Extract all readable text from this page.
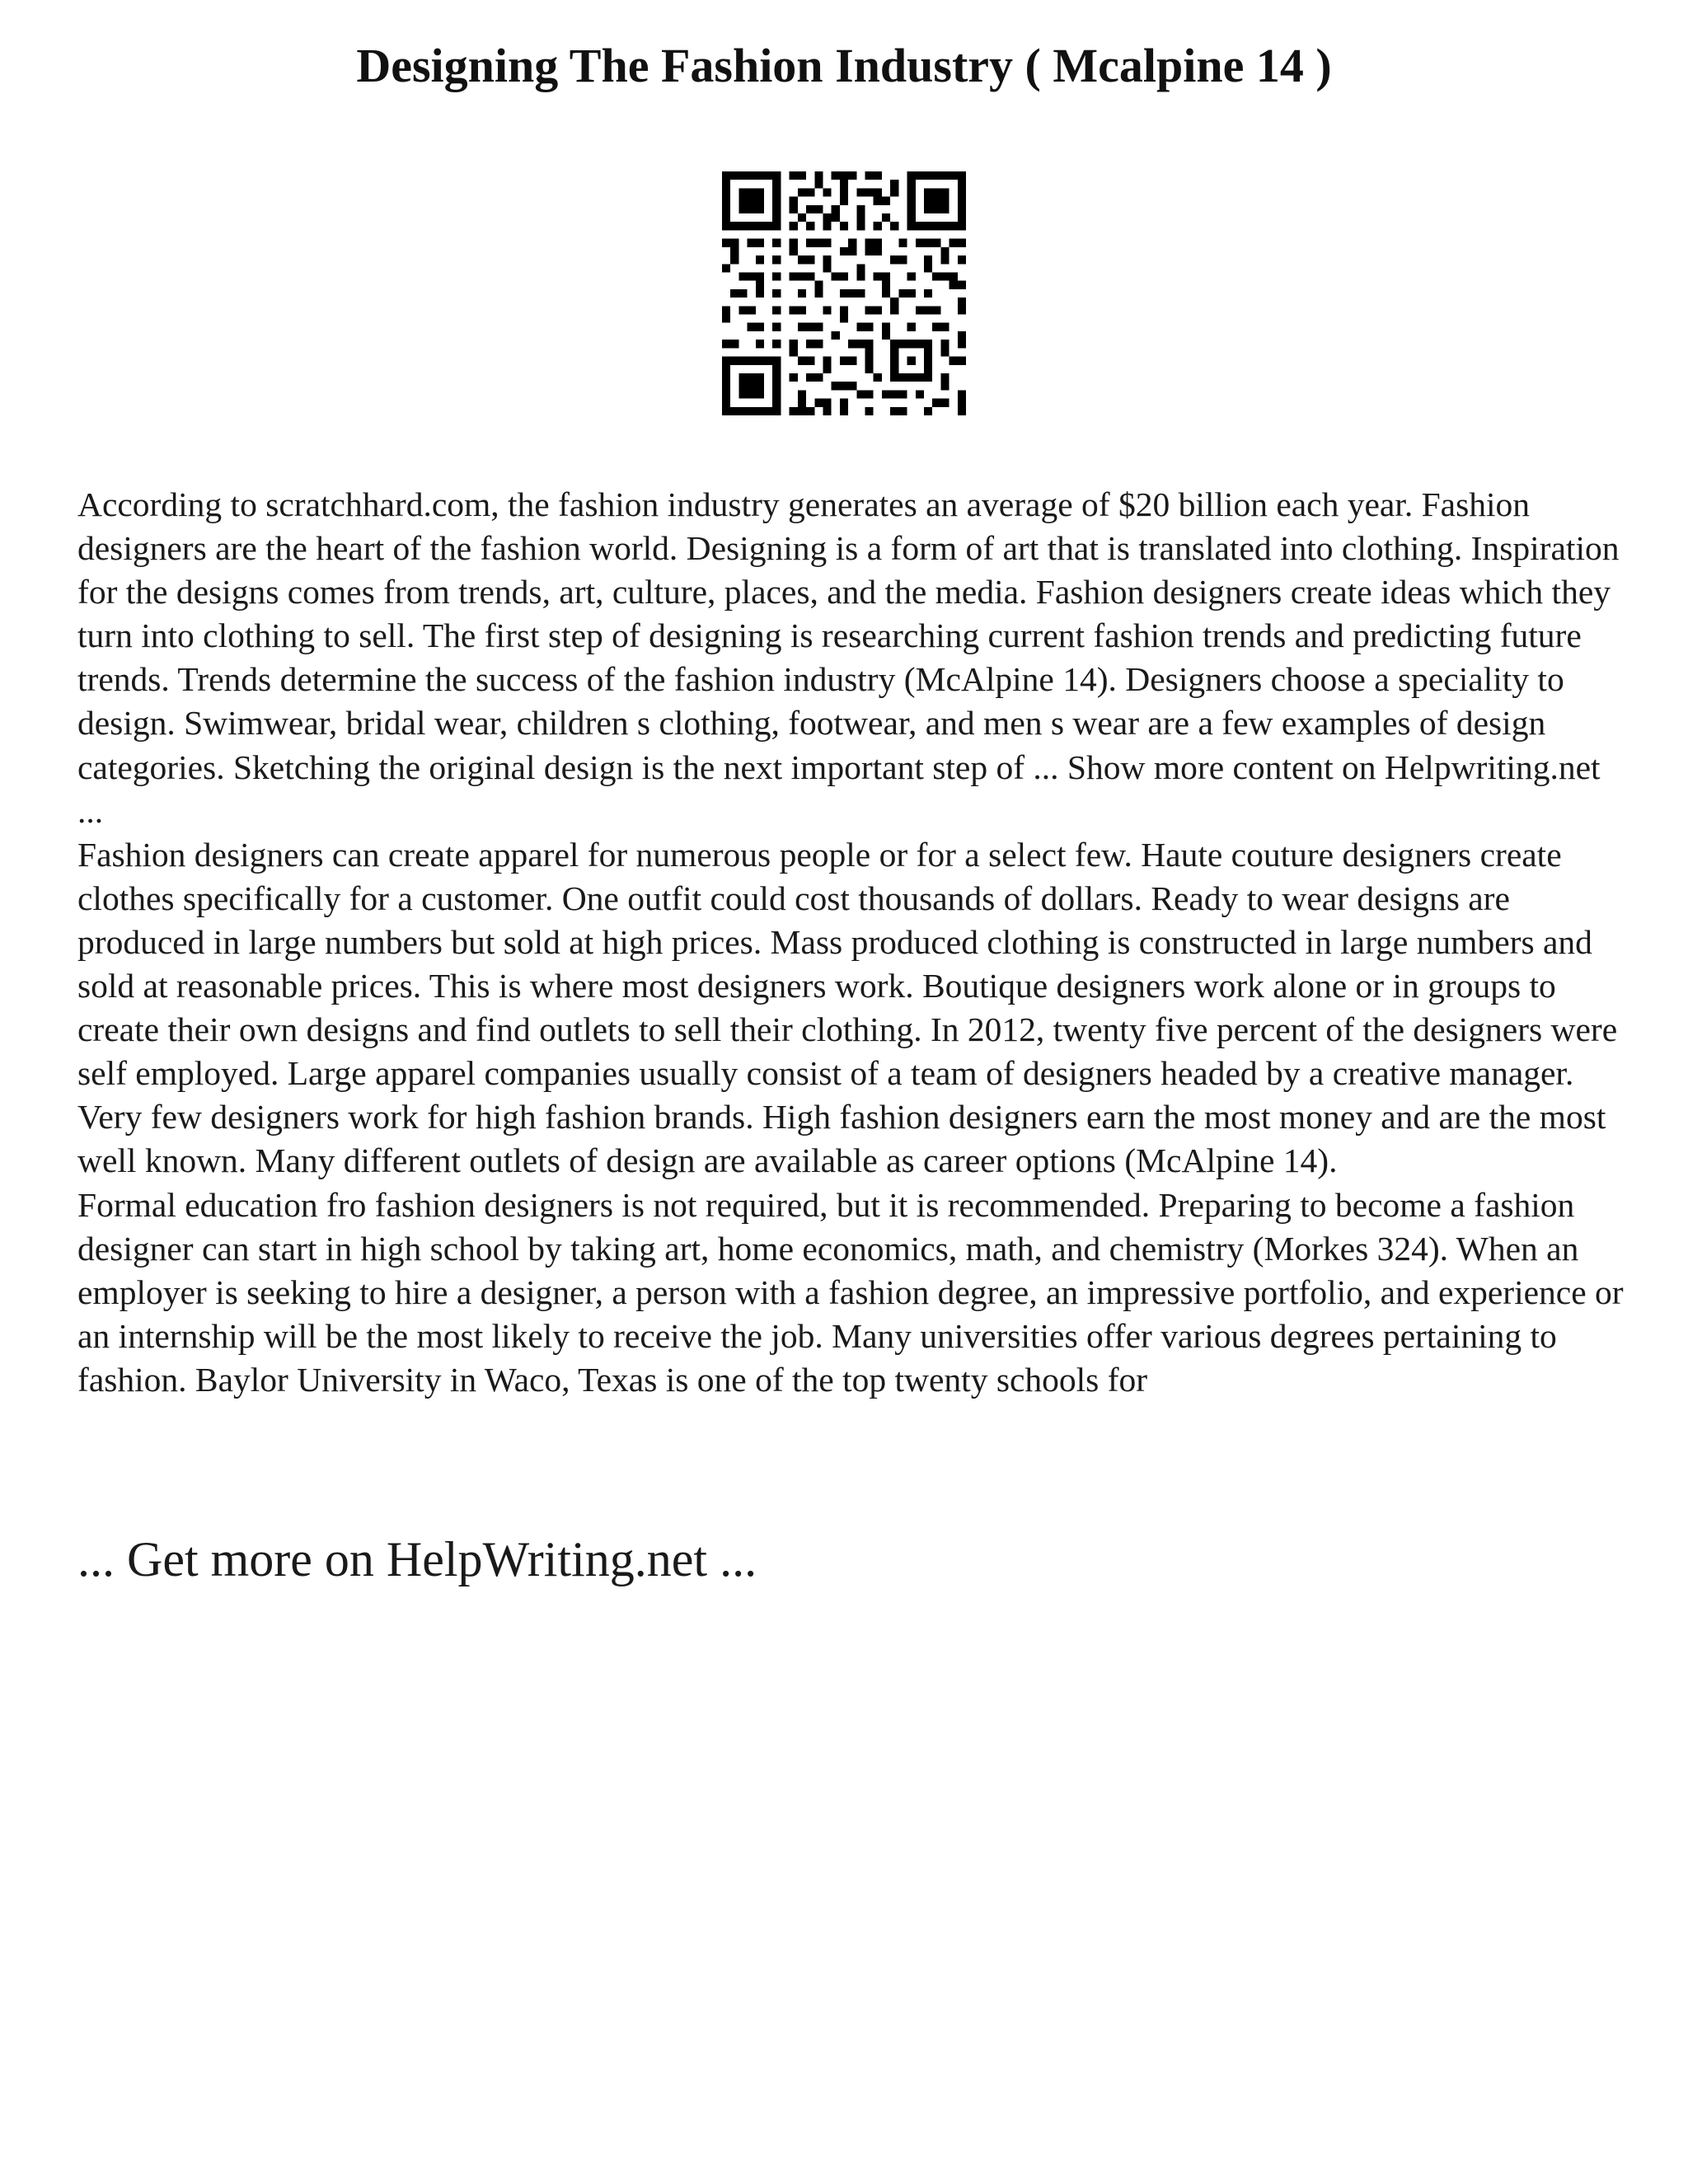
Designing The Fashion Industry ( Mcalpine 14 )

According to scratchhard.com, the fashion industry generates an average of $20 billion each year. Fashion designers are the heart of the fashion world. Designing is a form of art that is translated into clothing. Inspiration for the designs comes from trends, art, culture, places, and the media. Fashion designers create ideas which they turn into clothing to sell. The first step of designing is researching current fashion trends and predicting future trends. Trends determine the success of the fashion industry (McAlpine 14). Designers choose a speciality to design. Swimwear, bridal wear, children s clothing, footwear, and men s wear are a few examples of design categories. Sketching the original design is the next important step of ... Show more content on Helpwriting.net ...

Fashion designers can create apparel for numerous people or for a select few. Haute couture designers create clothes specifically for a customer. One outfit could cost thousands of dollars. Ready to wear designs are produced in large numbers but sold at high prices. Mass produced clothing is constructed in large numbers and sold at reasonable prices. This is where most designers work. Boutique designers work alone or in groups to create their own designs and find outlets to sell their clothing. In 2012, twenty five percent of the designers were self employed. Large apparel companies usually consist of a team of designers headed by a creative manager. Very few designers work for high fashion brands. High fashion designers earn the most money and are the most well known. Many different outlets of design are available as career options (McAlpine 14).

Formal education fro fashion designers is not required, but it is recommended. Preparing to become a fashion designer can start in high school by taking art, home economics, math, and chemistry (Morkes 324). When an employer is seeking to hire a designer, a person with a fashion degree, an impressive portfolio, and experience or an internship will be the most likely to receive the job. Many universities offer various degrees pertaining to fashion. Baylor University in Waco, Texas is one of the top twenty schools for

... Get more on HelpWriting.net ...
